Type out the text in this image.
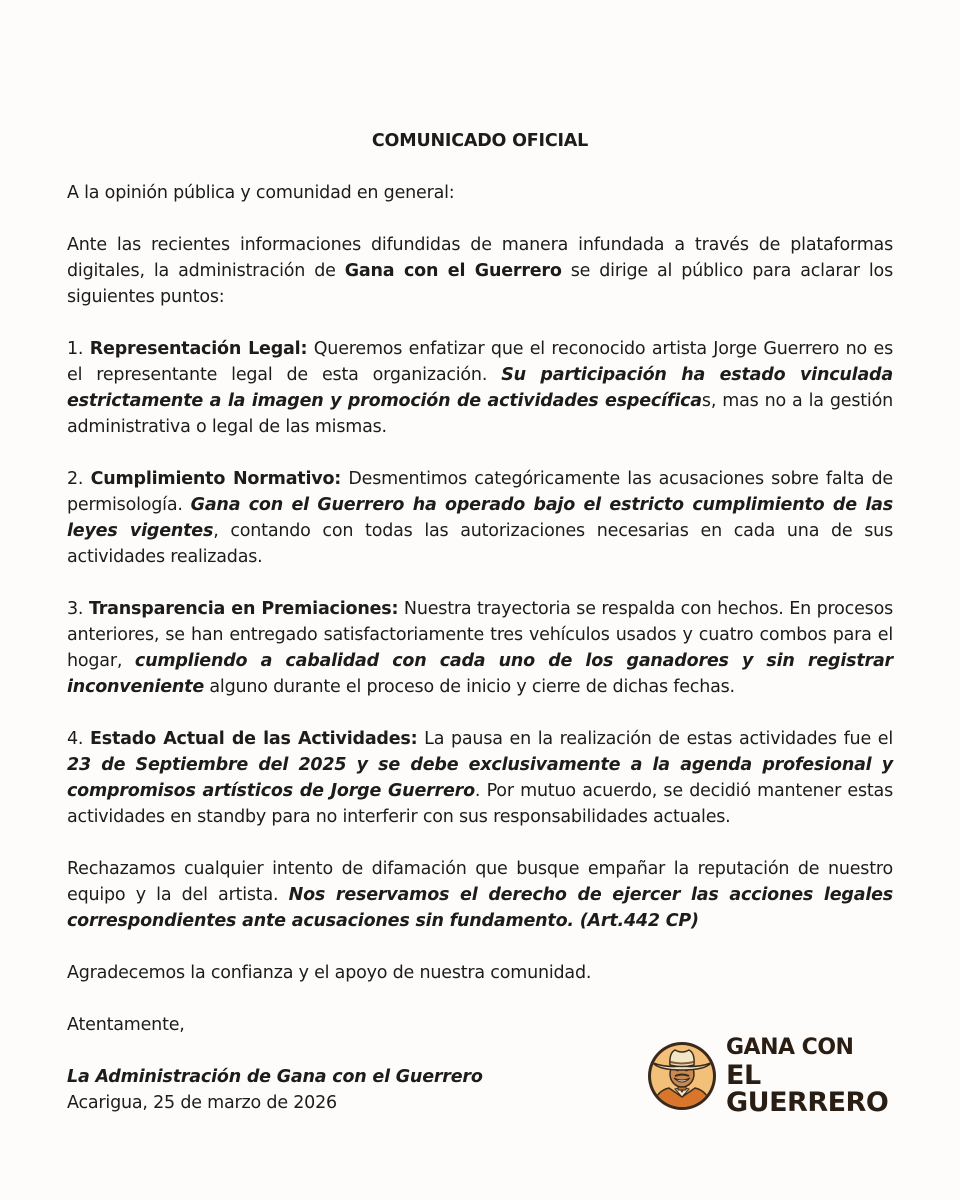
COMUNICADO OFICIAL

A la opinión pública y comunidad en general:

Ante las recientes informaciones difundidas de manera infundada a través de plataformas digitales, la administración de Gana con el Guerrero se dirige al público para aclarar los siguientes puntos:

1. Representación Legal: Queremos enfatizar que el reconocido artista Jorge Guerrero no es el representante legal de esta organización. Su participación ha estado vinculada estrictamente a la imagen y promoción de actividades específicas, mas no a la gestión administrativa o legal de las mismas.

2. Cumplimiento Normativo: Desmentimos categóricamente las acusaciones sobre falta de permisología. Gana con el Guerrero ha operado bajo el estricto cumplimiento de las leyes vigentes, contando con todas las autorizaciones necesarias en cada una de sus actividades realizadas.

3. Transparencia en Premiaciones: Nuestra trayectoria se respalda con hechos. En procesos anteriores, se han entregado satisfactoriamente tres vehículos usados y cuatro combos para el hogar, cumpliendo a cabalidad con cada uno de los ganadores y sin registrar inconveniente alguno durante el proceso de inicio y cierre de dichas fechas.

4. Estado Actual de las Actividades: La pausa en la realización de estas actividades fue el 23 de Septiembre del 2025 y se debe exclusivamente a la agenda profesional y compromisos artísticos de Jorge Guerrero. Por mutuo acuerdo, se decidió mantener estas actividades en standby para no interferir con sus responsabilidades actuales.

Rechazamos cualquier intento de difamación que busque empañar la reputación de nuestro equipo y la del artista. Nos reservamos el derecho de ejercer las acciones legales correspondientes ante acusaciones sin fundamento. (Art.442 CP)

Agradecemos la confianza y el apoyo de nuestra comunidad.

Atentamente,

La Administración de Gana con el Guerrero
Acarigua, 25 de marzo de 2026
GANA CON
EL GUERRERO
